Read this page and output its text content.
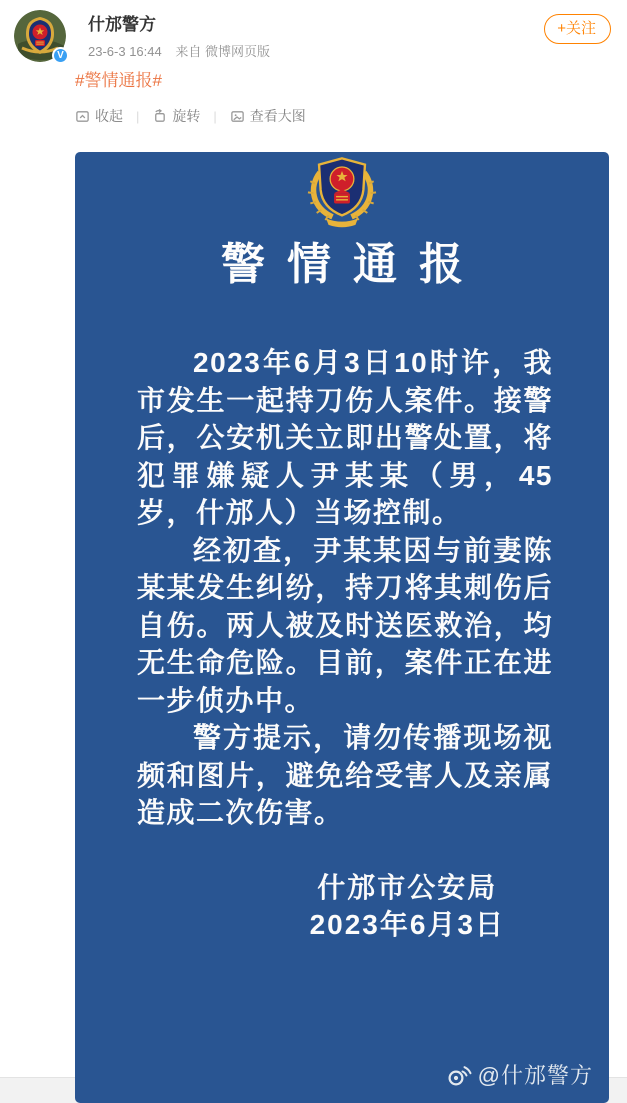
V
什邡警方
23-6-3 16:44 来自 微博网页版
+关注
#警情通报#
收起 | 旋转 | 查看大图
警情通报

2023年6月3日10时许，我市发生一起持刀伤人案件。接警后，公安机关立即出警处置，将犯罪嫌疑人尹某某（男，45岁，什邡人）当场控制。

经初查，尹某某因与前妻陈某某发生纠纷，持刀将其刺伤后自伤。两人被及时送医救治，均无生命危险。目前，案件正在进一步侦办中。

警方提示，请勿传播现场视频和图片，避免给受害人及亲属造成二次伤害。

什邡市公安局
2023年6月3日
@什邡警方
